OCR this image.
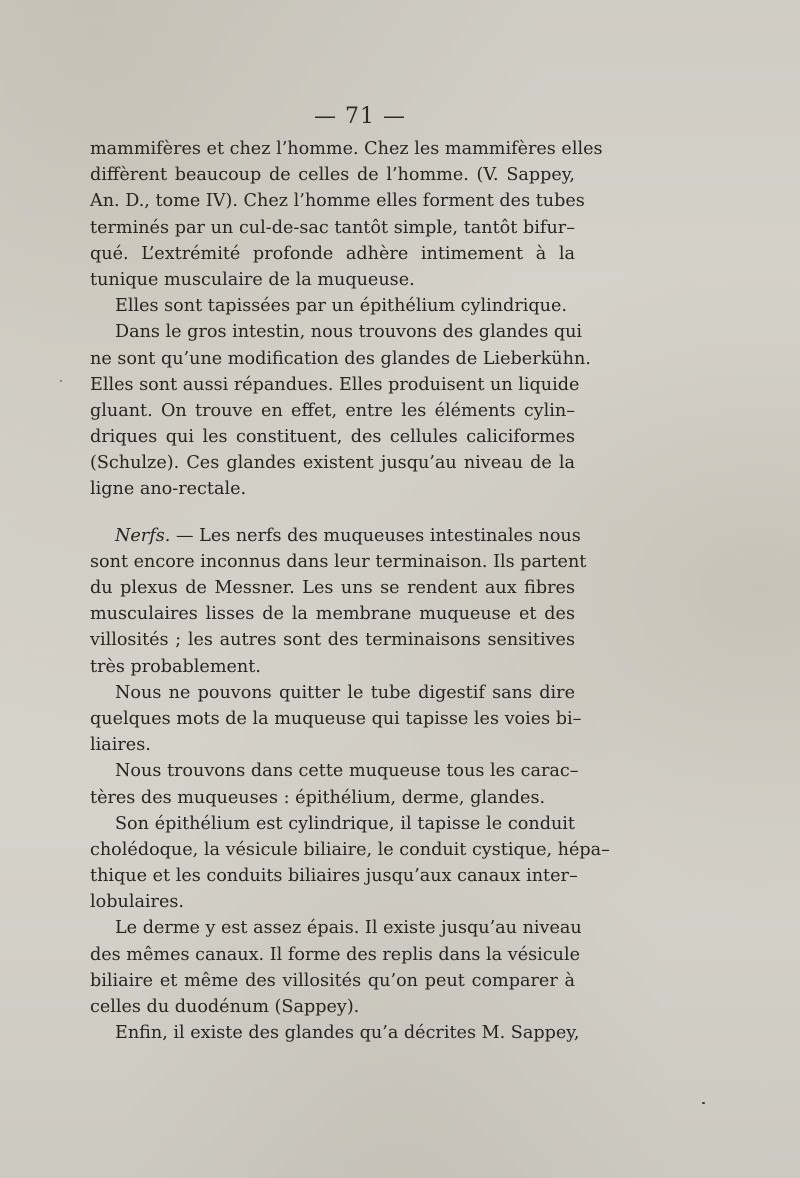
— 71 —
mammifères et chez l’homme. Chez les mammifères elles
diffèrent beaucoup de celles de l’homme. (V. Sappey,
An. D., tome IV). Chez l’homme elles forment des tubes
terminés par un cul-de-sac tantôt simple, tantôt bifur–
qué. L’extrémité profonde adhère intimement à la
tunique musculaire de la muqueuse.
Elles sont tapissées par un épithélium cylindrique.
Dans le gros intestin, nous trouvons des glandes qui
ne sont qu’une modification des glandes de Lieberkühn.
Elles sont aussi répandues. Elles produisent un liquide
gluant. On trouve en effet, entre les éléments cylin–
driques qui les constituent, des cellules caliciformes
(Schulze). Ces glandes existent jusqu’au niveau de la
ligne ano-rectale.
Nerfs. — Les nerfs des muqueuses intestinales nous
sont encore inconnus dans leur terminaison. Ils partent
du plexus de Messner. Les uns se rendent aux fibres
musculaires lisses de la membrane muqueuse et des
villosités ; les autres sont des terminaisons sensitives
très probablement.
Nous ne pouvons quitter le tube digestif sans dire
quelques mots de la muqueuse qui tapisse les voies bi–
liaires.
Nous trouvons dans cette muqueuse tous les carac–
tères des muqueuses : épithélium, derme, glandes.
Son épithélium est cylindrique, il tapisse le conduit
cholédoque, la vésicule biliaire, le conduit cystique, hépa–
thique et les conduits biliaires jusqu’aux canaux inter–
lobulaires.
Le derme y est assez épais. Il existe jusqu’au niveau
des mêmes canaux. Il forme des replis dans la vésicule
biliaire et même des villosités qu’on peut comparer à
celles du duodénum (Sappey).
Enfin, il existe des glandes qu’a décrites M. Sappey,
